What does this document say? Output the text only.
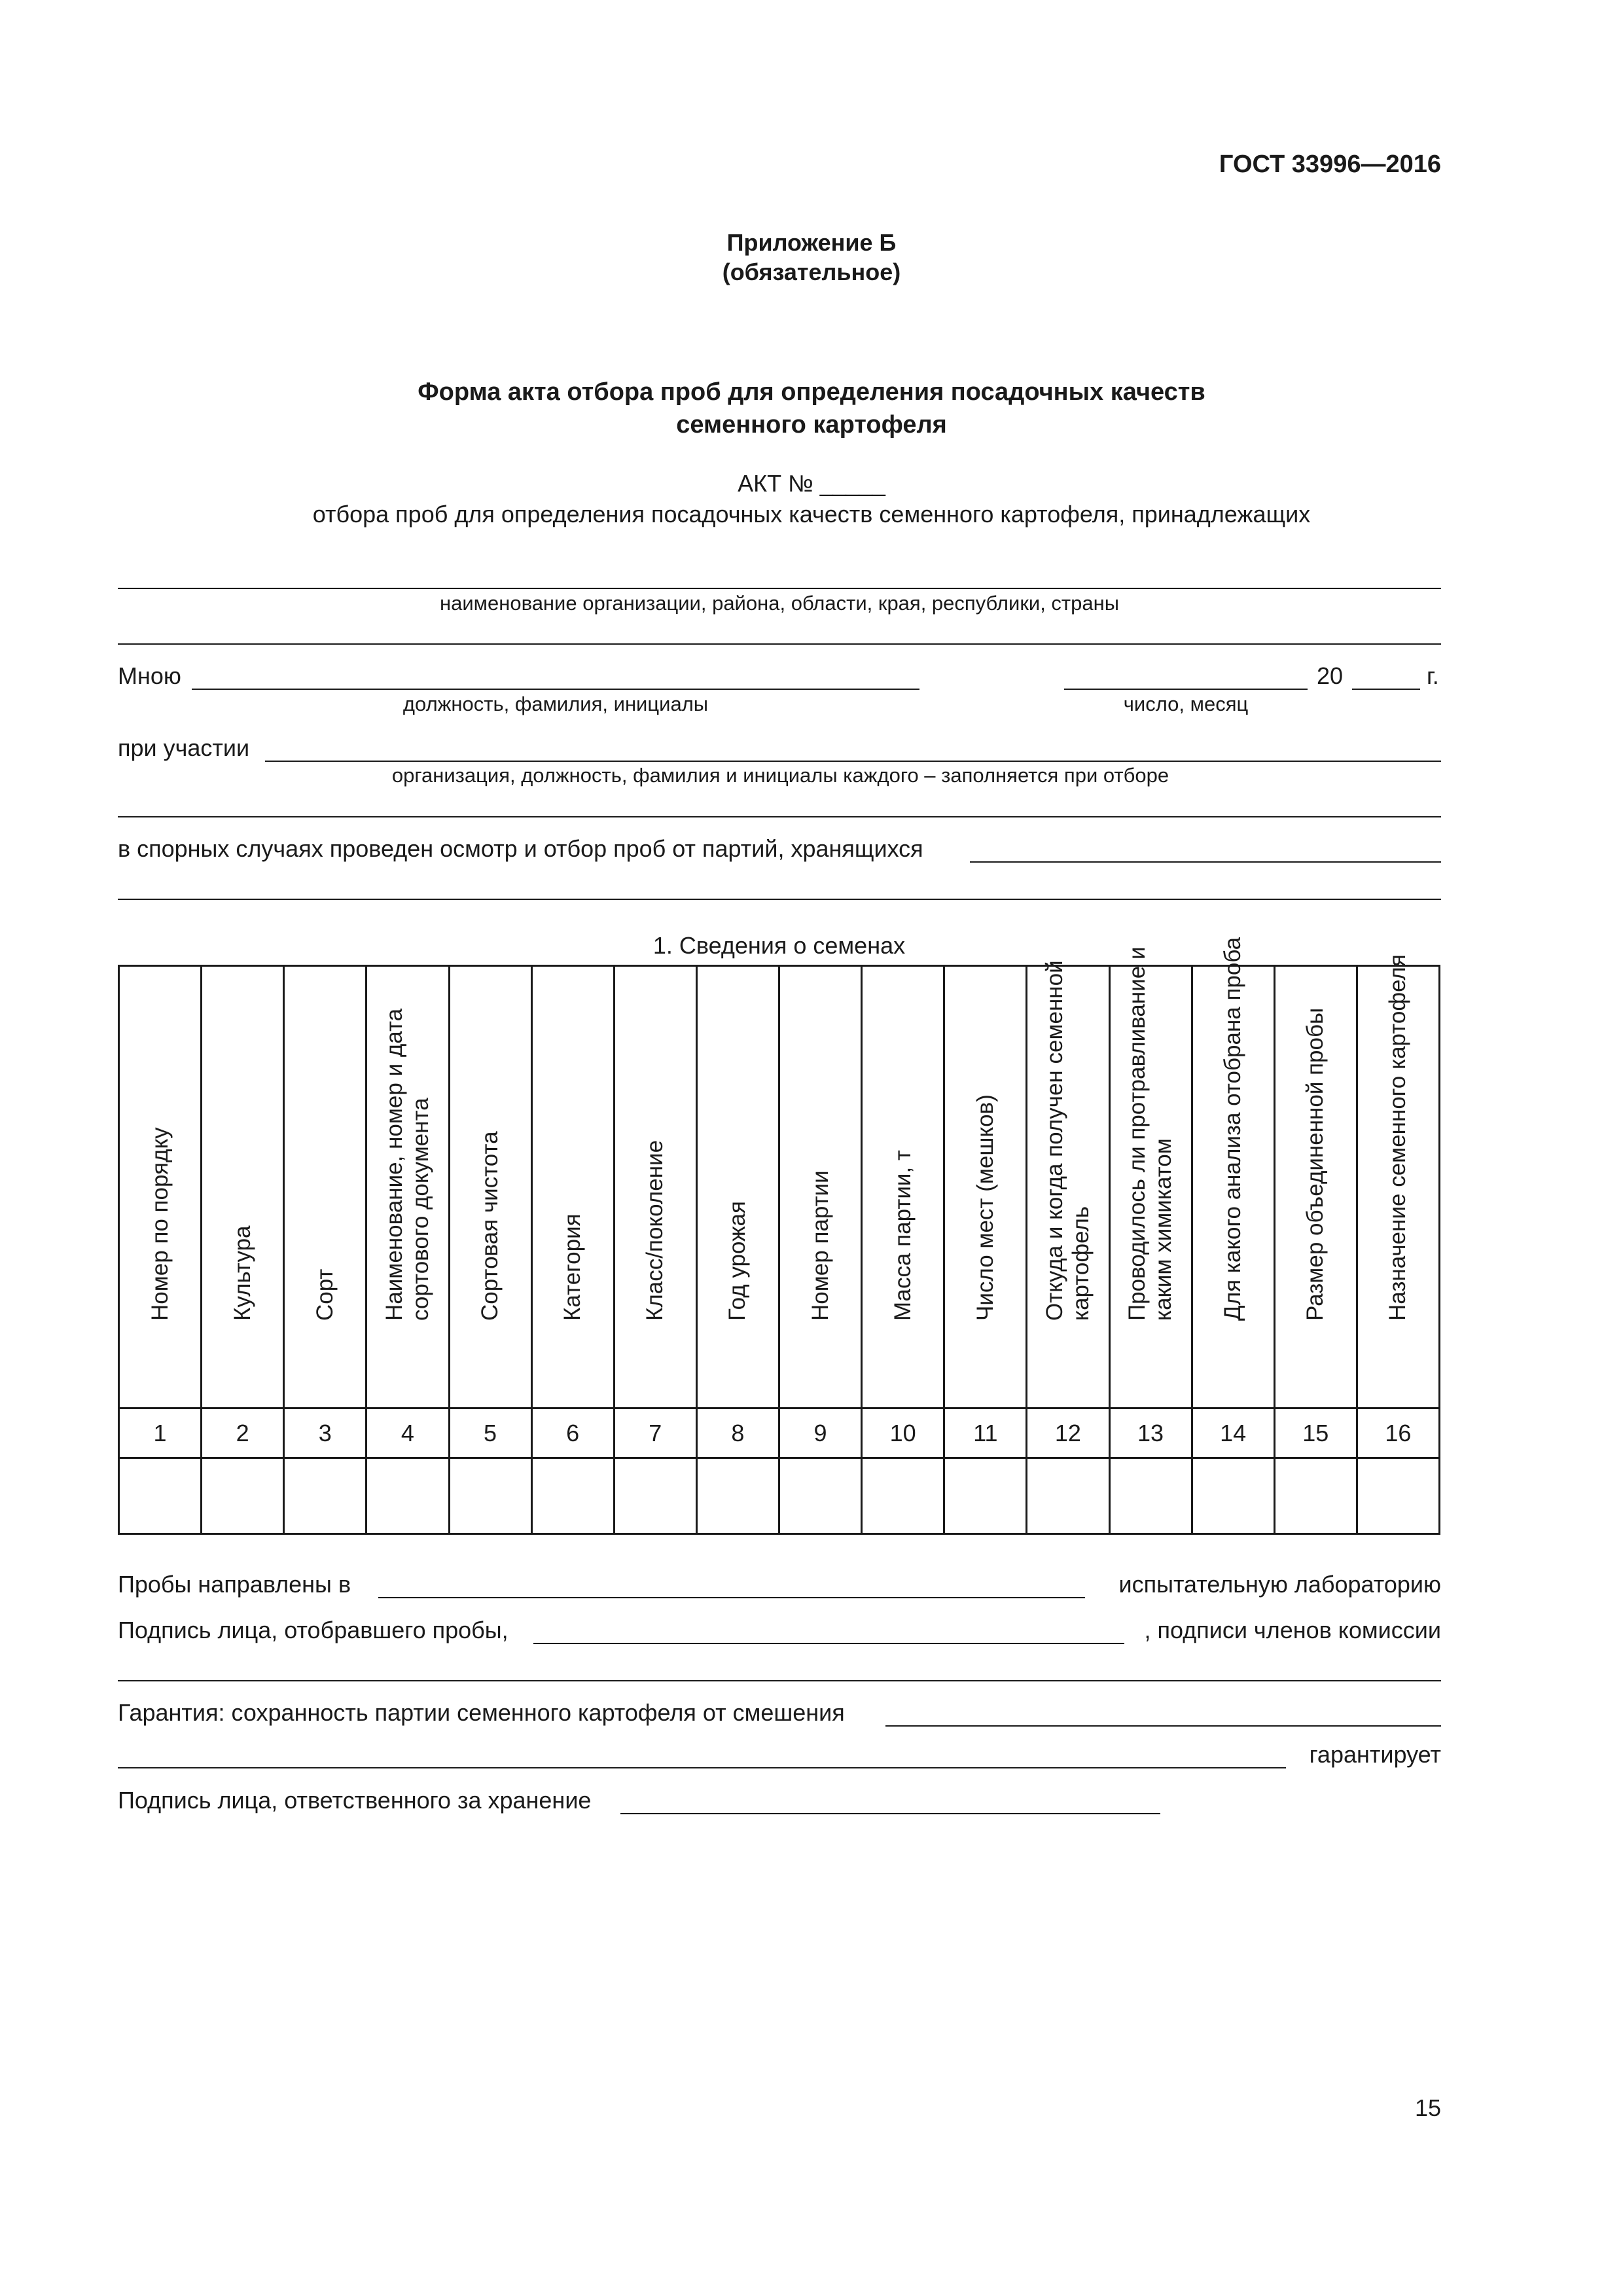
ГОСТ 33996—2016
Приложение Б
(обязательное)
Форма акта отбора проб для определения посадочных качеств
семенного картофеля
АКТ № _____
отбора проб для определения посадочных качеств семенного картофеля, принадлежащих
наименование организации, района, области, края, республики, страны
Мною
должность, фамилия, инициалы
20	г.
число, месяц
при участии
организация, должность, фамилия и инициалы каждого – заполняется при отборе
в спорных случаях проведен осмотр и отбор проб от партий, хранящихся
1. Сведения о семенах
Номер по порядку	Культура	Сорт	Наименование, номер и дата сортового документа	Сортовая чистота	Категория	Класс/поколение	Год урожая	Номер партии	Масса партии, т	Число мест (мешков)	Откуда и когда получен семенной картофель	Проводилось ли протравливание и каким химикатом	Для какого анализа отобрана проба	Размер объединенной пробы	Назначение семенного картофеля

1	2	3	4	5	6	7	8	9	10	11	12	13	14	15	16

Пробы направлены в	испытательную лабораторию
Подпись лица, отобравшего пробы,	, подписи членов комиссии
Гарантия: сохранность партии семенного картофеля от смешения
гарантирует
Подпись лица, ответственного за хранение
15
